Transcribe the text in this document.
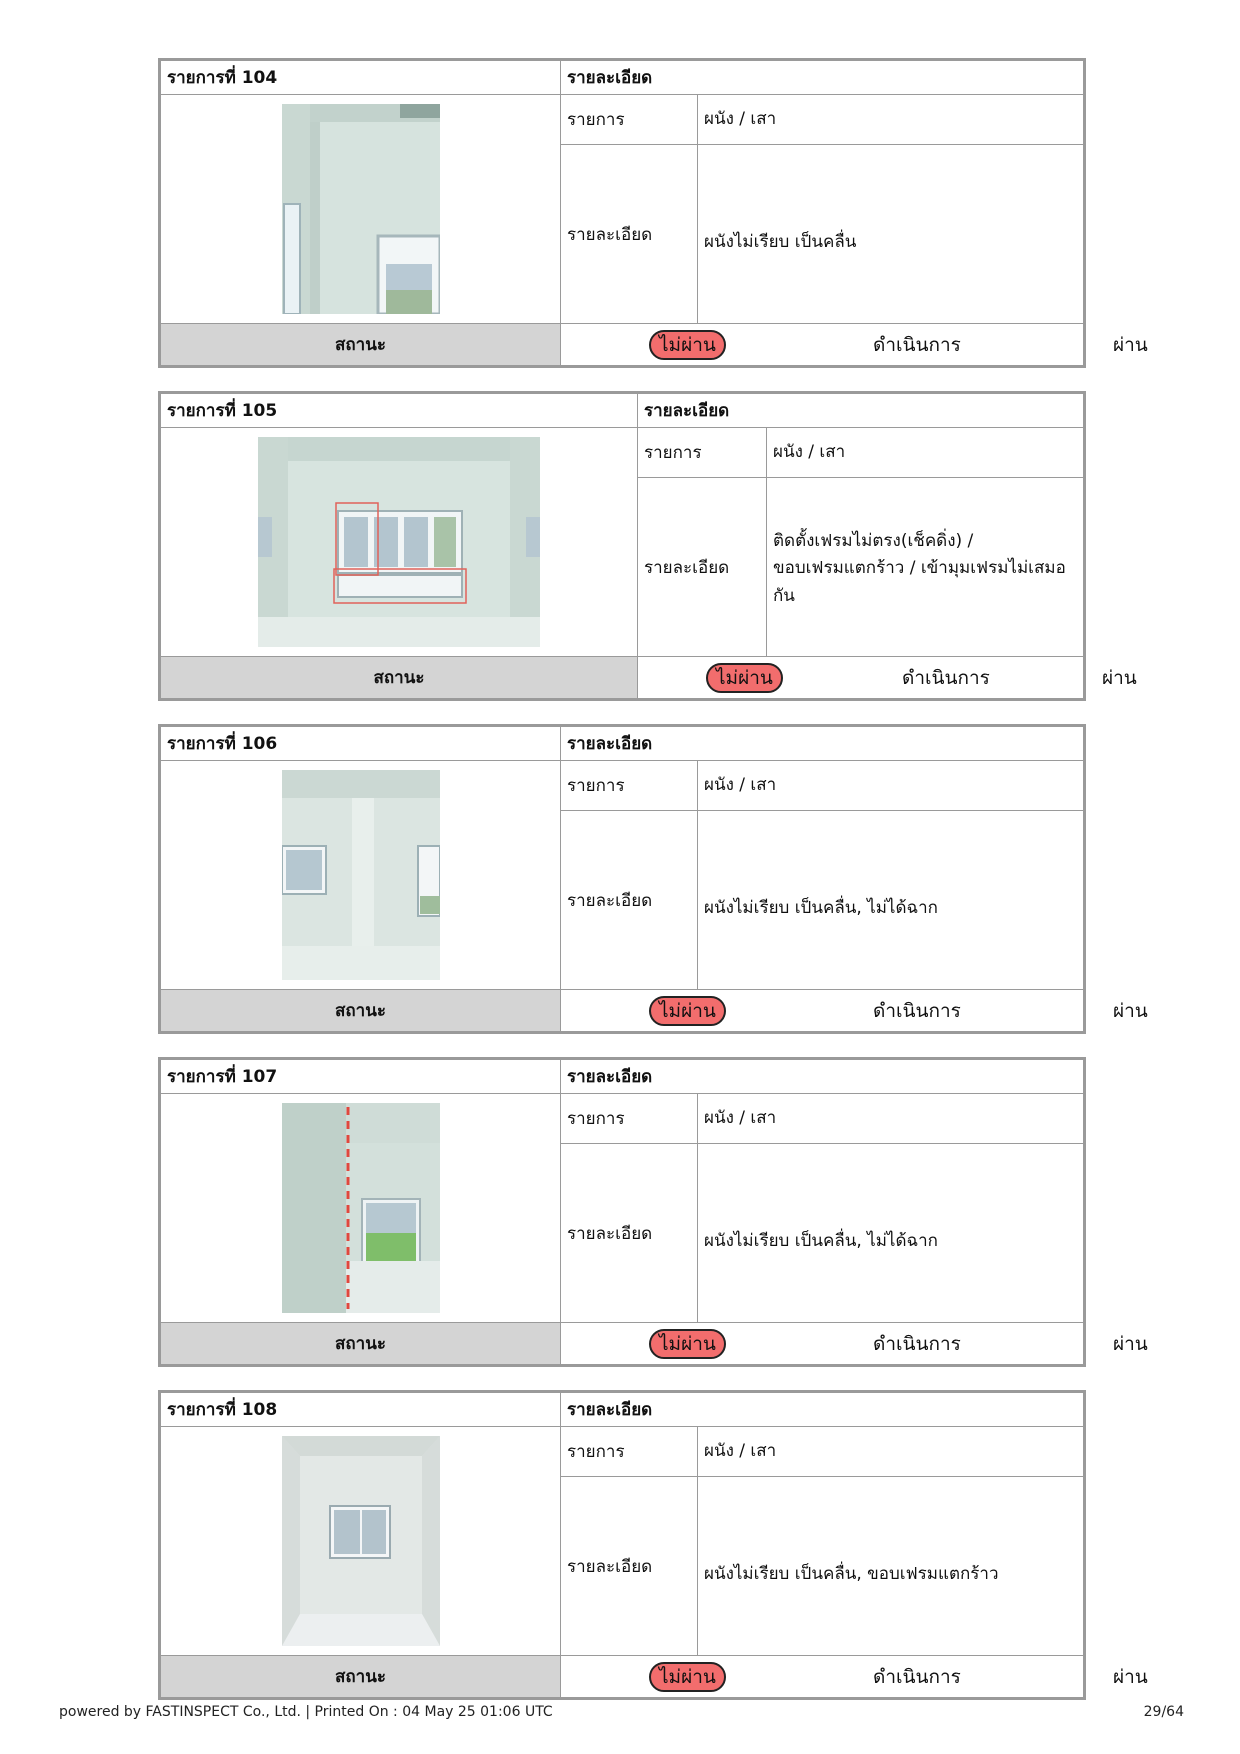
รายการที่ 104	รายละเอียด	
	รายการ	ผนัง / เสา
	รายละเอียด	ผนังไม่เรียบ เป็นคลื่น
สถานะ	ไม่ผ่าน ดำเนินการ ผ่าน	
รายการที่ 105	รายละเอียด	
	รายการ	ผนัง / เสา
	รายละเอียด	ติดตั้งเฟรมไม่ตรง(เช็คดิ่ง) /
ขอบเฟรมแตกร้าว / เข้ามุมเฟรมไม่เสมอกัน
สถานะ	ไม่ผ่าน ดำเนินการ ผ่าน	
รายการที่ 106	รายละเอียด	
	รายการ	ผนัง / เสา
	รายละเอียด	ผนังไม่เรียบ เป็นคลื่น, ไม่ได้ฉาก
สถานะ	ไม่ผ่าน ดำเนินการ ผ่าน	
รายการที่ 107	รายละเอียด	
	รายการ	ผนัง / เสา
	รายละเอียด	ผนังไม่เรียบ เป็นคลื่น, ไม่ได้ฉาก
สถานะ	ไม่ผ่าน ดำเนินการ ผ่าน	
รายการที่ 108	รายละเอียด	
	รายการ	ผนัง / เสา
	รายละเอียด	ผนังไม่เรียบ เป็นคลื่น, ขอบเฟรมแตกร้าว
สถานะ	ไม่ผ่าน ดำเนินการ ผ่าน	
powered by FASTINSPECT Co., Ltd. | Printed On : 04 May 25 01:06 UTC	29/64
